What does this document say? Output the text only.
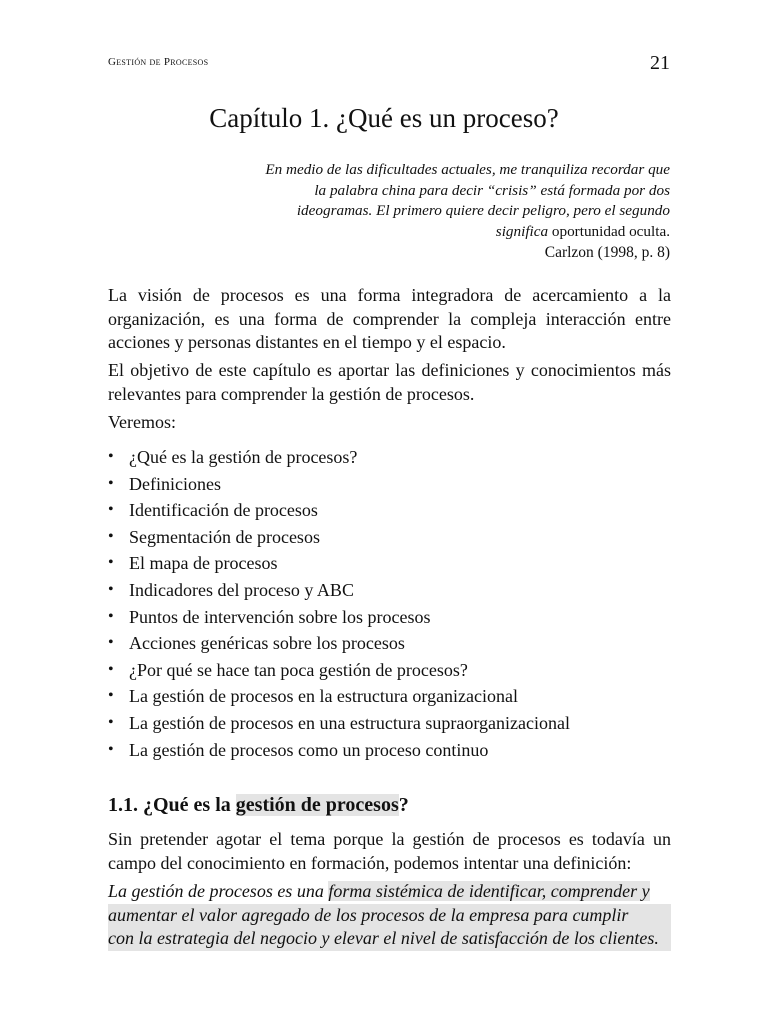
Gestión de Procesos	21
Capítulo 1. ¿Qué es un proceso?
En medio de las dificultades actuales, me tranquiliza recordar que la palabra china para decir “crisis” está formada por dos ideogramas. El primero quiere decir peligro, pero el segundo significa oportunidad oculta.
Carlzon (1998, p. 8)

La visión de procesos es una forma integradora de acercamiento a la organización, es una forma de comprender la compleja interacción entre acciones y personas distantes en el tiempo y el espacio.

El objetivo de este capítulo es aportar las definiciones y conocimientos más relevantes para comprender la gestión de procesos.

Veremos:

• ¿Qué es la gestión de procesos?
• Definiciones
• Identificación de procesos
• Segmentación de procesos
• El mapa de procesos
• Indicadores del proceso y ABC
• Puntos de intervención sobre los procesos
• Acciones genéricas sobre los procesos
• ¿Por qué se hace tan poca gestión de procesos?
• La gestión de procesos en la estructura organizacional
• La gestión de procesos en una estructura supraorganizacional
• La gestión de procesos como un proceso continuo
1.1. ¿Qué es la gestión de procesos?

Sin pretender agotar el tema porque la gestión de procesos es todavía un campo del conocimiento en formación, podemos intentar una definición:

La gestión de procesos es una forma sistémica de identificar, comprender y
aumentar el valor agregado de los procesos de la empresa para cumplir
con la estrategia del negocio y elevar el nivel de satisfacción de los clientes.
